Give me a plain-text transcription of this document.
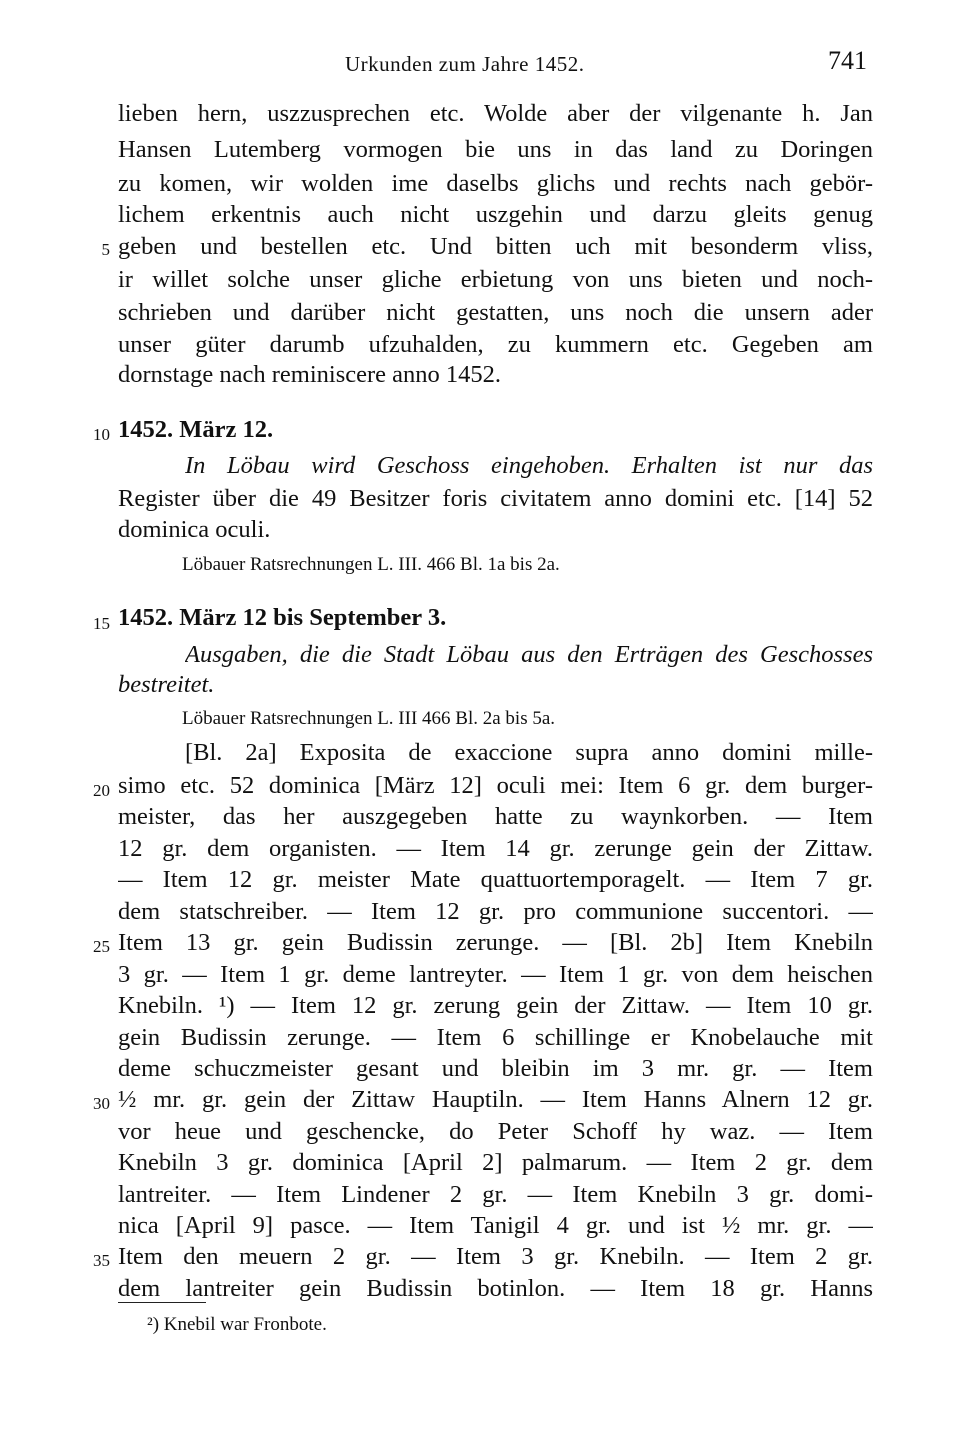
Urkunden zum Jahre 1452.	741
lieben hern, uszzusprechen etc. Wolde aber der vilgenante h. Jan
Hansen Lutemberg vormogen bie uns in das land zu Doringen
zu komen, wir wolden ime daselbs glichs und rechts nach gebör-
lichem erkentnis auch nicht uszgehin und darzu gleits genug
5 geben und bestellen etc. Und bitten uch mit besonderm vliss,
ir willet solche unser gliche erbietung von uns bieten und noch-
schrieben und darüber nicht gestatten, uns noch die unsern ader
unser güter darumb ufzuhalden, zu kummern etc. Gegeben am
dornstage nach reminiscere anno 1452.
10 1452. März 12.
In Löbau wird Geschoss eingehoben. Erhalten ist nur das
Register über die 49 Besitzer foris civitatem anno domini etc. [14] 52
dominica oculi.
Löbauer Ratsrechnungen L. III. 466 Bl. 1a bis 2a.
15 1452. März 12 bis September 3.
Ausgaben, die die Stadt Löbau aus den Erträgen des Geschosses
bestreitet.
Löbauer Ratsrechnungen L. III 466 Bl. 2a bis 5a.
[Bl. 2a] Exposita de exaccione supra anno domini mille-
20 simo etc. 52 dominica [März 12] oculi mei: Item 6 gr. dem burger-
meister, das her auszgegeben hatte zu waynkorben. — Item
12 gr. dem organisten. — Item 14 gr. zerunge gein der Zittaw.
— Item 12 gr. meister Mate quattuortemporagelt. — Item 7 gr.
dem statschreiber. — Item 12 gr. pro communione succentori. —
25 Item 13 gr. gein Budissin zerunge. — [Bl. 2b] Item Knebiln
3 gr. — Item 1 gr. deme lantreyter. — Item 1 gr. von dem heischen
Knebiln. ¹) — Item 12 gr. zerung gein der Zittaw. — Item 10 gr.
gein Budissin zerunge. — Item 6 schillinge er Knobelauche mit
deme schuczmeister gesant und bleibin im 3 mr. gr. — Item
30 ½ mr. gr. gein der Zittaw Hauptiln. — Item Hanns Alnern 12 gr.
vor heue und geschencke, do Peter Schoff hy waz. — Item
Knebiln 3 gr. dominica [April 2] palmarum. — Item 2 gr. dem
lantreiter. — Item Lindener 2 gr. — Item Knebiln 3 gr. domi-
nica [April 9] pasce. — Item Tanigil 4 gr. und ist ½ mr. gr. —
35 Item den meuern 2 gr. — Item 3 gr. Knebiln. — Item 2 gr.
dem lantreiter gein Budissin botinlon. — Item 18 gr. Hanns
²) Knebil war Fronbote.
